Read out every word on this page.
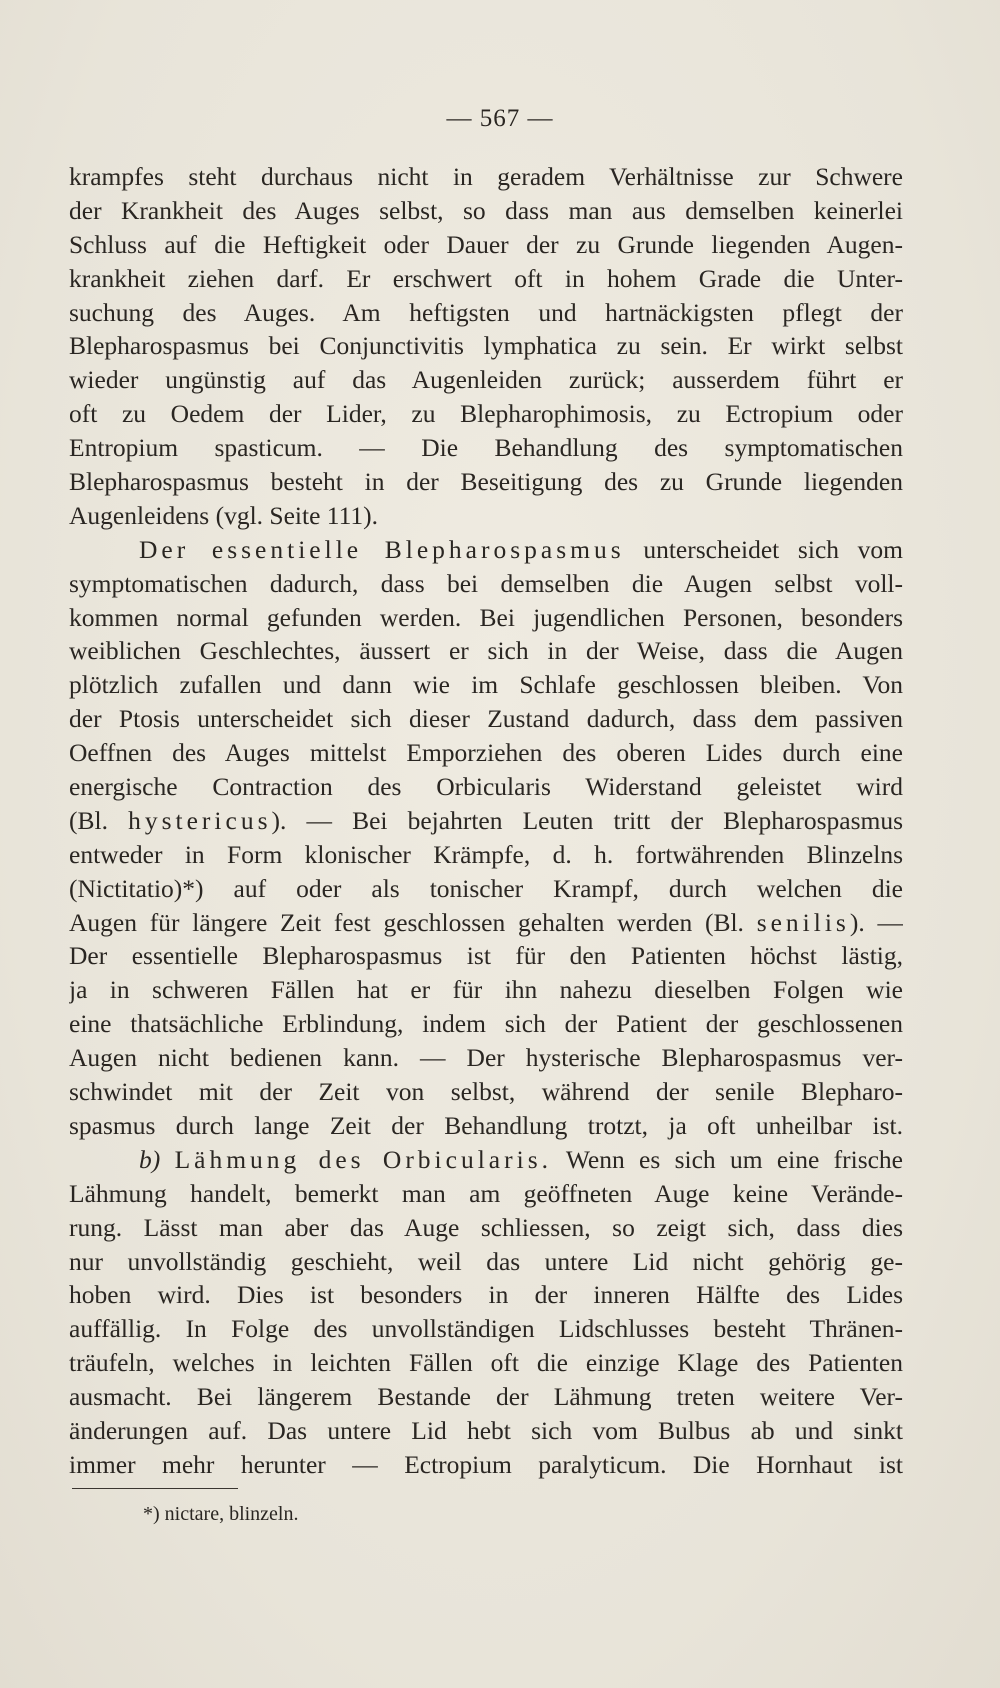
— 567 —
krampfes steht durchaus nicht in geradem Verhältnisse zur Schwere
der Krankheit des Auges selbst, so dass man aus demselben keinerlei
Schluss auf die Heftigkeit oder Dauer der zu Grunde liegenden Augen-
krankheit ziehen darf. Er erschwert oft in hohem Grade die Unter-
suchung des Auges. Am heftigsten und hartnäckigsten pflegt der
Blepharospasmus bei Conjunctivitis lymphatica zu sein. Er wirkt selbst
wieder ungünstig auf das Augenleiden zurück; ausserdem führt er
oft zu Oedem der Lider, zu Blepharophimosis, zu Ectropium oder
Entropium spasticum. — Die Behandlung des symptomatischen
Blepharospasmus besteht in der Beseitigung des zu Grunde liegenden
Augenleidens (vgl. Seite 111).
Der essentielle Blepharospasmus unterscheidet sich vom
symptomatischen dadurch, dass bei demselben die Augen selbst voll-
kommen normal gefunden werden. Bei jugendlichen Personen, besonders
weiblichen Geschlechtes, äussert er sich in der Weise, dass die Augen
plötzlich zufallen und dann wie im Schlafe geschlossen bleiben. Von
der Ptosis unterscheidet sich dieser Zustand dadurch, dass dem passiven
Oeffnen des Auges mittelst Emporziehen des oberen Lides durch eine
energische Contraction des Orbicularis Widerstand geleistet wird
(Bl. hystericus). — Bei bejahrten Leuten tritt der Blepharospasmus
entweder in Form klonischer Krämpfe, d. h. fortwährenden Blinzelns
(Nictitatio)*) auf oder als tonischer Krampf, durch welchen die
Augen für längere Zeit fest geschlossen gehalten werden (Bl. senilis). —
Der essentielle Blepharospasmus ist für den Patienten höchst lästig,
ja in schweren Fällen hat er für ihn nahezu dieselben Folgen wie
eine thatsächliche Erblindung, indem sich der Patient der geschlossenen
Augen nicht bedienen kann. — Der hysterische Blepharospasmus ver-
schwindet mit der Zeit von selbst, während der senile Blepharo-
spasmus durch lange Zeit der Behandlung trotzt, ja oft unheilbar ist.
b) Lähmung des Orbicularis. Wenn es sich um eine frische
Lähmung handelt, bemerkt man am geöffneten Auge keine Verände-
rung. Lässt man aber das Auge schliessen, so zeigt sich, dass dies
nur unvollständig geschieht, weil das untere Lid nicht gehörig ge-
hoben wird. Dies ist besonders in der inneren Hälfte des Lides
auffällig. In Folge des unvollständigen Lidschlusses besteht Thränen-
träufeln, welches in leichten Fällen oft die einzige Klage des Patienten
ausmacht. Bei längerem Bestande der Lähmung treten weitere Ver-
änderungen auf. Das untere Lid hebt sich vom Bulbus ab und sinkt
immer mehr herunter — Ectropium paralyticum. Die Hornhaut ist
*) nictare, blinzeln.
